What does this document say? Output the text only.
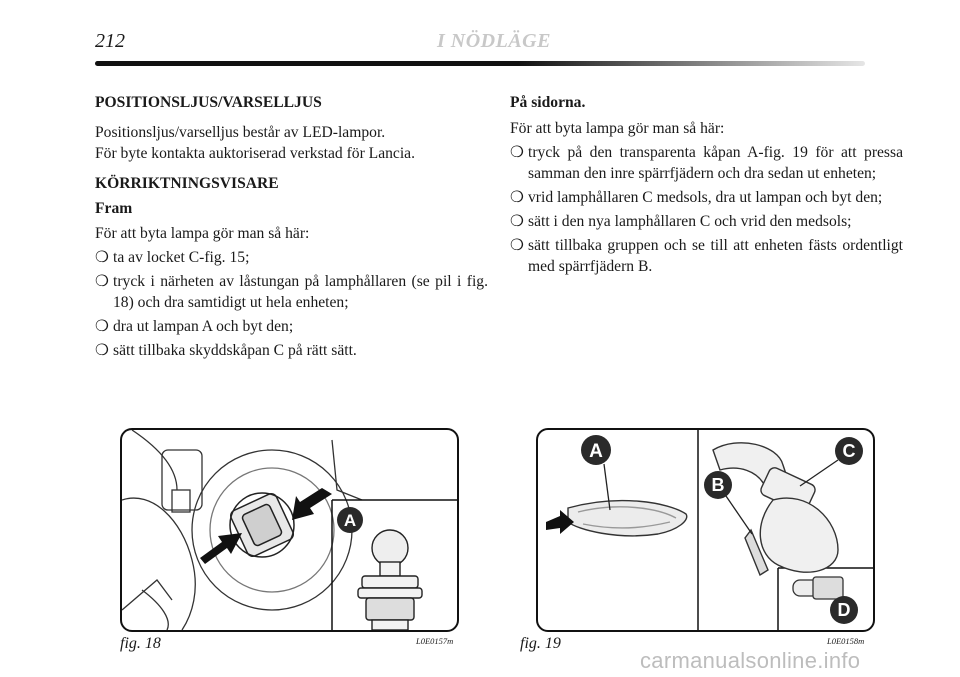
212	I NÖDLÄGE

POSITIONSLJUS/VARSELLJUS

Positionsljus/varselljus består av LED-lampor.

För byte kontakta auktoriserad verkstad för Lancia.

KÖRRIKTNINGSVISARE

Fram

För att byta lampa gör man så här:

❍ ta av locket C-fig. 15;
❍ tryck i närheten av låstungan på lamphållaren (se pil i fig. 18) och dra samtidigt ut hela enheten;
❍ dra ut lampan A och byt den;
❍ sätt tillbaka skyddskåpan C på rätt sätt.

På sidorna.

För att byta lampa gör man så här:

❍ tryck på den transparenta kåpan A-fig. 19 för att pressa samman den inre spärrfjädern och dra sedan ut enheten;
❍ vrid lamphållaren C medsols, dra ut lampan och byt den;
❍ sätt i den nya lamphållaren C och vrid den medsols;
❍ sätt tillbaka gruppen och se till att enheten fästs ordentligt med spärrfjädern B.
A
fig. 18	L0E0157m
A
B
C
D
fig. 19	L0E0158m
carmanualsonline.info
